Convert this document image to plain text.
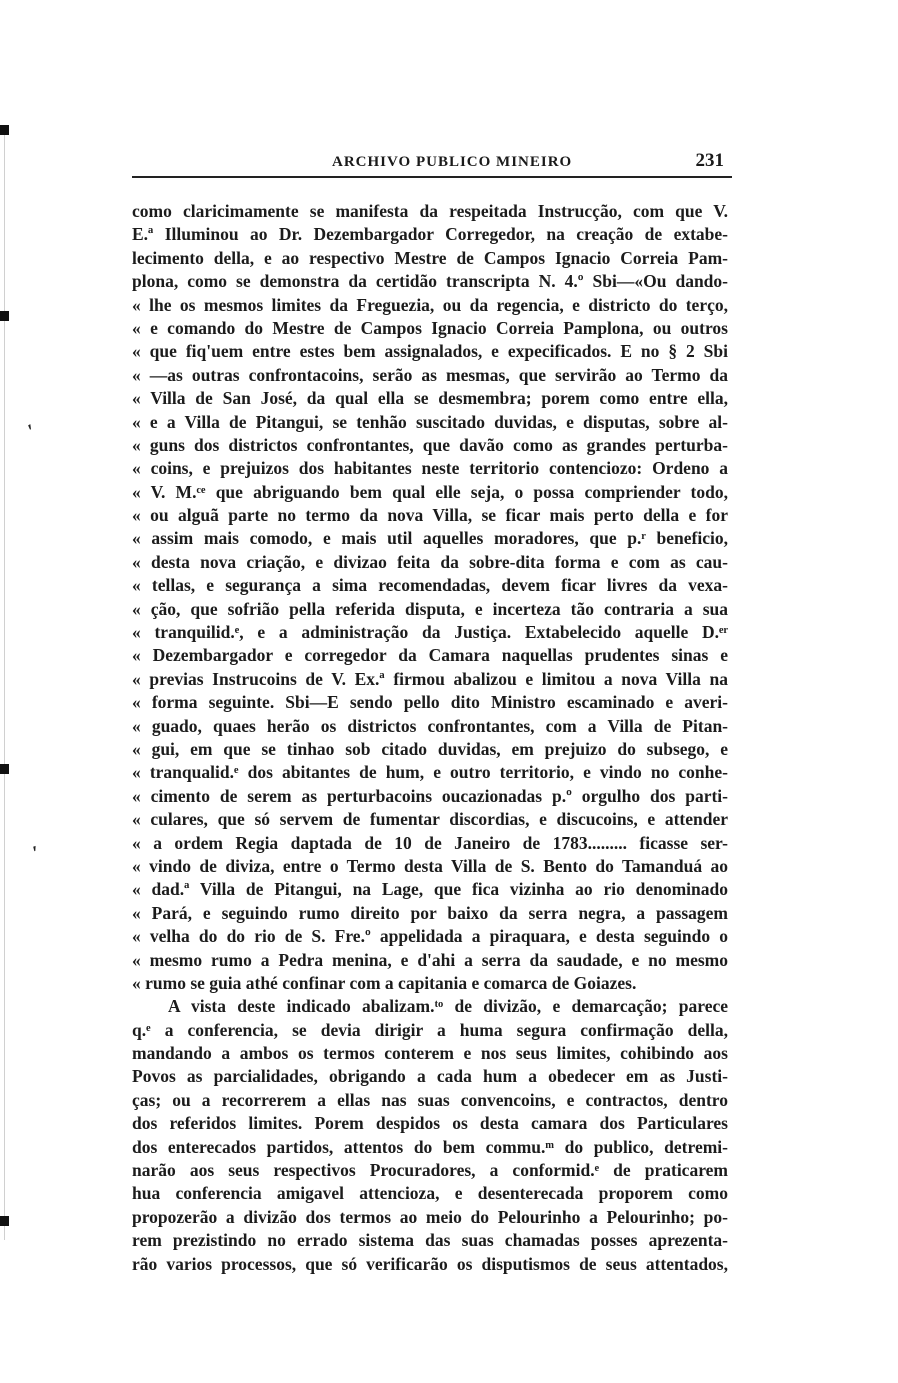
ʹ
ʹ
ARCHIVO PUBLICO MINEIRO	231
como claricimamente se manifesta da respeitada Instrucção, com que V.
E.ª Illuminou ao Dr. Dezembargador Corregedor, na creação de extabe-
lecimento della, e ao respectivo Mestre de Campos Ignacio Correia Pam-
plona, como se demonstra da certidão transcripta N. 4.º Sbi—«Ou dando-
« lhe os mesmos limites da Freguezia, ou da regencia, e districto do terço,
« e comando do Mestre de Campos Ignacio Correia Pamplona, ou outros
« que fiq'uem entre estes bem assignalados, e expecificados. E no § 2 Sbi
« —as outras confrontacoins, serão as mesmas, que servirão ao Termo da
« Villa de San José, da qual ella se desmembra; porem como entre ella,
« e a Villa de Pitangui, se tenhão suscitado duvidas, e disputas, sobre al-
« guns dos districtos confrontantes, que davão como as grandes perturba-
« coins, e prejuizos dos habitantes neste territorio contenciozo: Ordeno a
« V. M.ᶜᵉ que abriguando bem qual elle seja, o possa compriender todo,
« ou alguã parte no termo da nova Villa, se ficar mais perto della e for
« assim mais comodo, e mais util aquelles moradores, que p.ʳ beneficio,
« desta nova criação, e divizao feita da sobre-dita forma e com as cau-
« tellas, e segurança a sima recomendadas, devem ficar livres da vexa-
« ção, que sofrião pella referida disputa, e incerteza tão contraria a sua
« tranquilid.ᵉ, e a administração da Justiça. Extabelecido aquelle D.ᵉʳ
« Dezembargador e corregedor da Camara naquellas prudentes sinas e
« previas Instrucoins de V. Ex.ª firmou abalizou e limitou a nova Villa na
« forma seguinte. Sbi—E sendo pello dito Ministro escaminado e averi-
« guado, quaes herão os districtos confrontantes, com a Villa de Pitan-
« gui, em que se tinhao sob citado duvidas, em prejuizo do subsego, e
« tranqualid.ᵉ dos abitantes de hum, e outro territorio, e vindo no conhe-
« cimento de serem as perturbacoins oucazionadas p.º orgulho dos parti-
« culares, que só servem de fumentar discordias, e discucoins, e attender
« a ordem Regia daptada de 10 de Janeiro de 1783......... ficasse ser-
« vindo de diviza, entre o Termo desta Villa de S. Bento do Tamanduá ao
« dad.ª Villa de Pitangui, na Lage, que fica vizinha ao rio denominado
« Pará, e seguindo rumo direito por baixo da serra negra, a passagem
« velha do do rio de S. Fre.º appelidada a piraquara, e desta seguindo o
« mesmo rumo a Pedra menina, e d'ahi a serra da saudade, e no mesmo
« rumo se guia athé confinar com a capitania e comarca de Goiazes.
A vista deste indicado abalizam.ᵗᵒ de divizão, e demarcação; parece
q.ᵉ a conferencia, se devia dirigir a huma segura confirmação della,
mandando a ambos os termos conterem e nos seus limites, cohibindo aos
Povos as parcialidades, obrigando a cada hum a obedecer em as Justi-
ças; ou a recorrerem a ellas nas suas convencoins, e contractos, dentro
dos referidos limites. Porem despidos os desta camara dos Particulares
dos enterecados partidos, attentos do bem commu.ᵐ do publico, detremi-
narão aos seus respectivos Procuradores, a conformid.ᵉ de praticarem
hua conferencia amigavel attencioza, e desenterecada proporem como
propozerão a divizão dos termos ao meio do Pelourinho a Pelourinho; po-
rem prezistindo no errado sistema das suas chamadas posses aprezenta-
rão varios processos, que só verificarão os disputismos de seus attentados,
